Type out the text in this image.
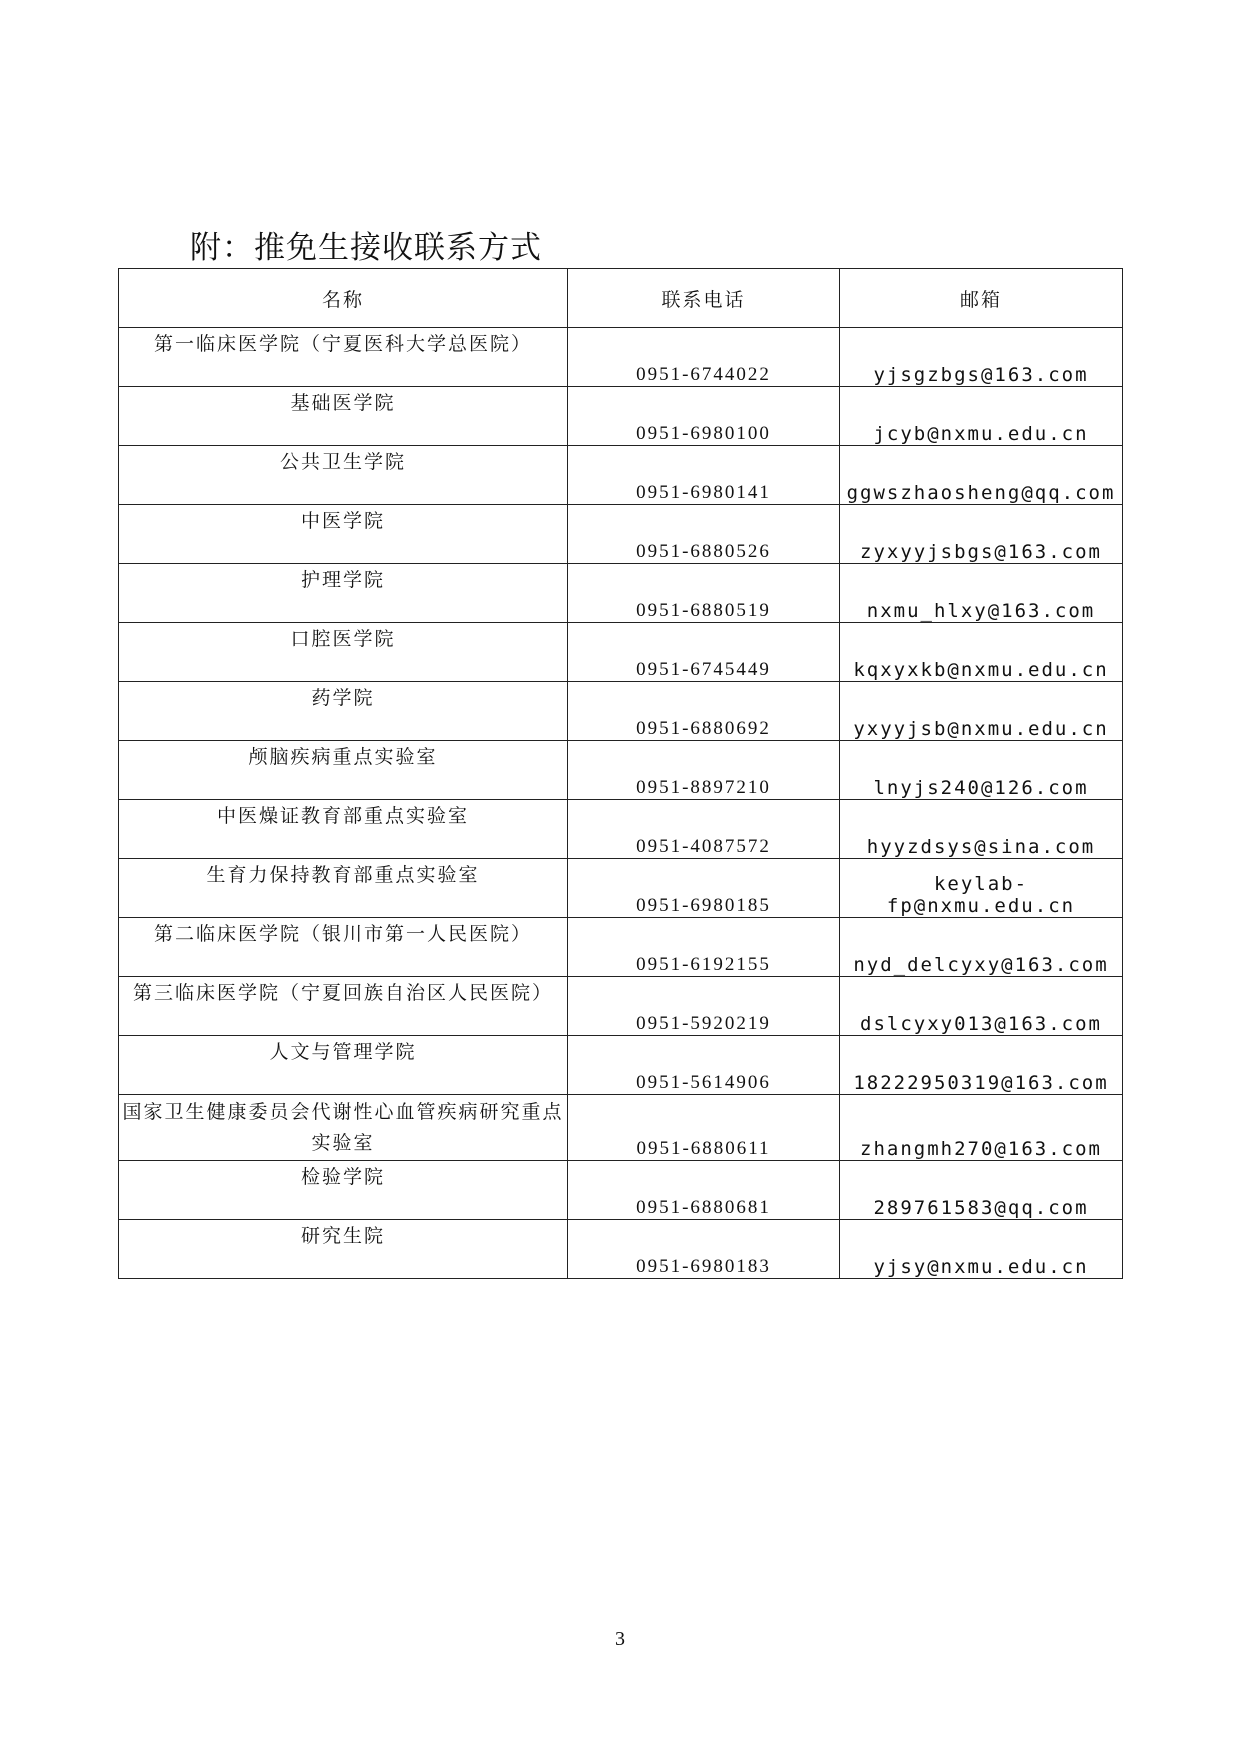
附：推免生接收联系方式
名称	联系电话	邮箱
第一临床医学院（宁夏医科大学总医院）	0951-6744022	yjsgzbgs@163.com
基础医学院	0951-6980100	jcyb@nxmu.edu.cn
公共卫生学院	0951-6980141	ggwszhaosheng@qq.com
中医学院	0951-6880526	zyxyyjsbgs@163.com
护理学院	0951-6880519	nxmu_hlxy@163.com
口腔医学院	0951-6745449	kqxyxkb@nxmu.edu.cn
药学院	0951-6880692	yxyyjsb@nxmu.edu.cn
颅脑疾病重点实验室	0951-8897210	lnyjs240@126.com
中医燥证教育部重点实验室	0951-4087572	hyyzdsys@sina.com
生育力保持教育部重点实验室	0951-6980185	keylab-fp@nxmu.edu.cn
第二临床医学院（银川市第一人民医院）	0951-6192155	nyd_delcyxy@163.com
第三临床医学院（宁夏回族自治区人民医院）	0951-5920219	dslcyxy013@163.com
人文与管理学院	0951-5614906	18222950319@163.com
国家卫生健康委员会代谢性心血管疾病研究重点实验室	0951-6880611	zhangmh270@163.com
检验学院	0951-6880681	289761583@qq.com
研究生院	0951-6980183	yjsy@nxmu.edu.cn
3
